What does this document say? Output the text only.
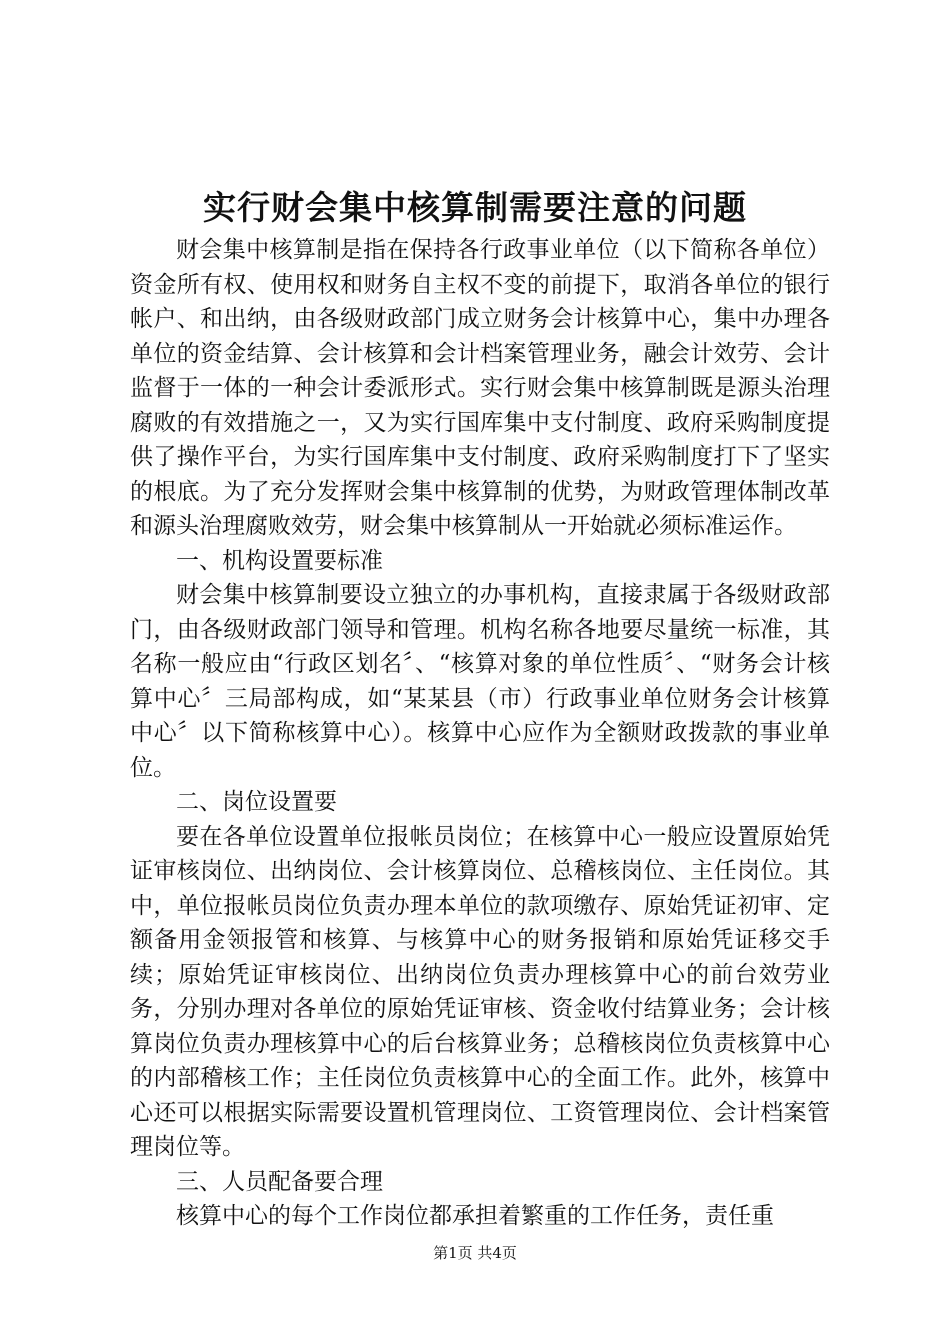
实行财会集中核算制需要注意的问题

财会集中核算制是指在保持各行政事业单位（以下简称各单位）资金所有权、使用权和财务自主权不变的前提下，取消各单位的银行帐户、和出纳，由各级财政部门成立财务会计核算中心，集中办理各单位的资金结算、会计核算和会计档案管理业务，融会计效劳、会计监督于一体的一种会计委派形式。实行财会集中核算制既是源头治理腐败的有效措施之一，又为实行国库集中支付制度、政府采购制度提供了操作平台，为实行国库集中支付制度、政府采购制度打下了坚实的根底。为了充分发挥财会集中核算制的优势，为财政管理体制改革和源头治理腐败效劳，财会集中核算制从一开始就必须标准运作。

一、机构设置要标准

财会集中核算制要设立独立的办事机构，直接隶属于各级财政部门，由各级财政部门领导和管理。机构名称各地要尽量统一标准，其名称一般应由“行政区划名〞、“核算对象的单位性质〞、“财务会计核算中心〞三局部构成，如“某某县（市）行政事业单位财务会计核算中心〞以下简称核算中心）。核算中心应作为全额财政拨款的事业单位。

二、岗位设置要

要在各单位设置单位报帐员岗位；在核算中心一般应设置原始凭证审核岗位、出纳岗位、会计核算岗位、总稽核岗位、主任岗位。其中，单位报帐员岗位负责办理本单位的款项缴存、原始凭证初审、定额备用金领报管和核算、与核算中心的财务报销和原始凭证移交手续；原始凭证审核岗位、出纳岗位负责办理核算中心的前台效劳业务，分别办理对各单位的原始凭证审核、资金收付结算业务；会计核算岗位负责办理核算中心的后台核算业务；总稽核岗位负责核算中心的内部稽核工作；主任岗位负责核算中心的全面工作。此外，核算中心还可以根据实际需要设置机管理岗位、工资管理岗位、会计档案管理岗位等。

三、人员配备要合理

核算中心的每个工作岗位都承担着繁重的工作任务，责任重

第1页 共4页
